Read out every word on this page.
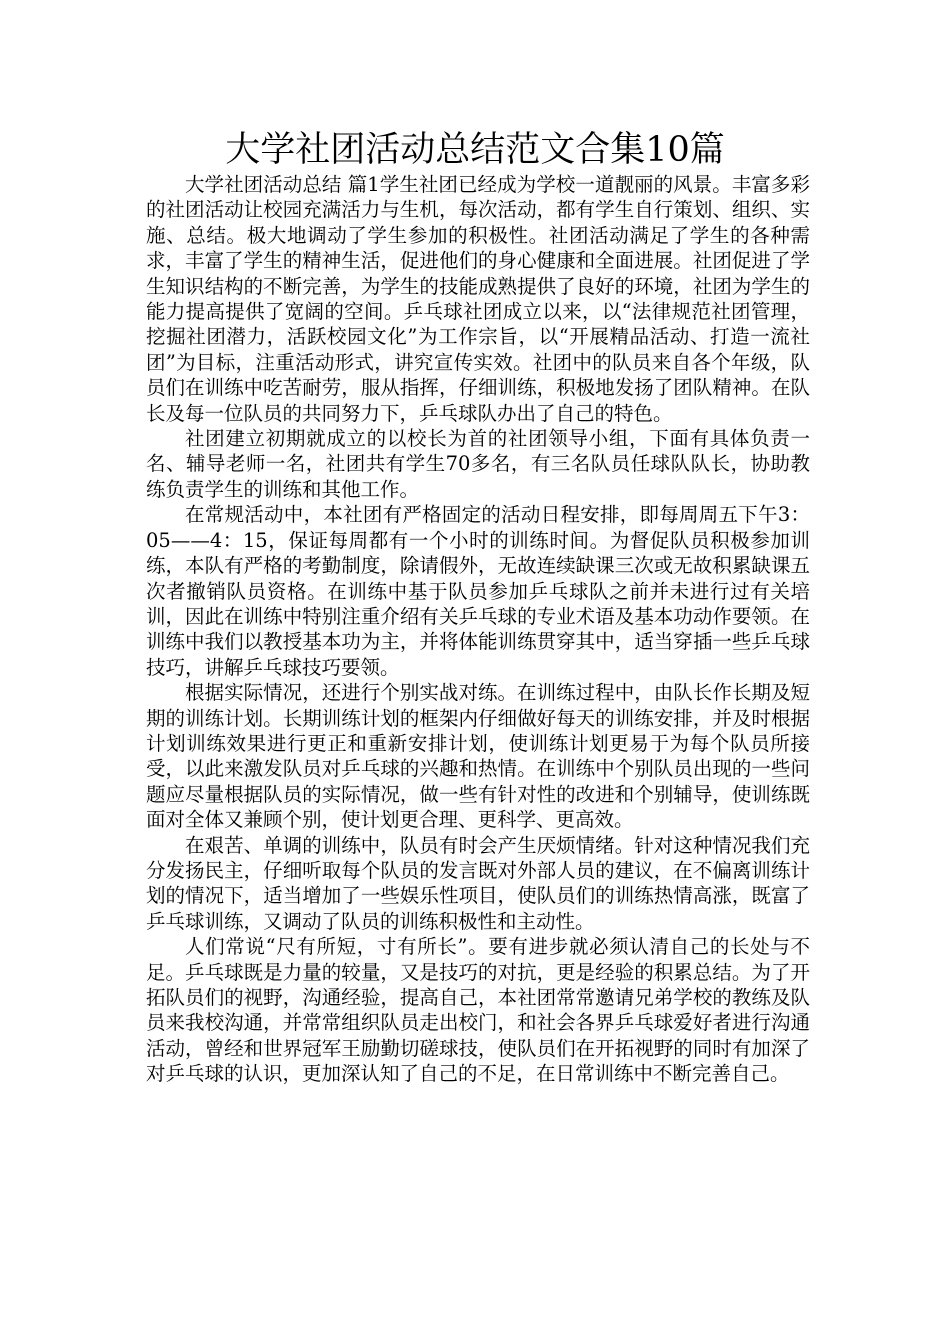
大学社团活动总结范文合集10篇

大学社团活动总结 篇1学生社团已经成为学校一道靓丽的风景。丰富多彩的社团活动让校园充满活力与生机，每次活动，都有学生自行策划、组织、实施、总结。极大地调动了学生参加的积极性。社团活动满足了学生的各种需求，丰富了学生的精神生活，促进他们的身心健康和全面进展。社团促进了学生知识结构的不断完善，为学生的技能成熟提供了良好的环境，社团为学生的能力提高提供了宽阔的空间。乒乓球社团成立以来，以“法律规范社团管理，挖掘社团潜力，活跃校园文化”为工作宗旨，以“开展精品活动、打造一流社团”为目标，注重活动形式，讲究宣传实效。社团中的队员来自各个年级，队员们在训练中吃苦耐劳，服从指挥，仔细训练，积极地发扬了团队精神。在队长及每一位队员的共同努力下，乒乓球队办出了自己的特色。

社团建立初期就成立的以校长为首的社团领导小组，下面有具体负责一名、辅导老师一名，社团共有学生70多名，有三名队员任球队队长，协助教练负责学生的训练和其他工作。

在常规活动中，本社团有严格固定的活动日程安排，即每周周五下午3：05——4：15，保证每周都有一个小时的训练时间。为督促队员积极参加训练，本队有严格的考勤制度，除请假外，无故连续缺课三次或无故积累缺课五次者撤销队员资格。在训练中基于队员参加乒乓球队之前并未进行过有关培训，因此在训练中特别注重介绍有关乒乓球的专业术语及基本功动作要领。在训练中我们以教授基本功为主，并将体能训练贯穿其中，适当穿插一些乒乓球技巧，讲解乒乓球技巧要领。

根据实际情况，还进行个别实战对练。在训练过程中，由队长作长期及短期的训练计划。长期训练计划的框架内仔细做好每天的训练安排，并及时根据计划训练效果进行更正和重新安排计划，使训练计划更易于为每个队员所接受，以此来激发队员对乒乓球的兴趣和热情。在训练中个别队员出现的一些问题应尽量根据队员的实际情况，做一些有针对性的改进和个别辅导，使训练既面对全体又兼顾个别，使计划更合理、更科学、更高效。

在艰苦、单调的训练中，队员有时会产生厌烦情绪。针对这种情况我们充分发扬民主，仔细听取每个队员的发言既对外部人员的建议，在不偏离训练计划的情况下，适当增加了一些娱乐性项目，使队员们的训练热情高涨，既富了乒乓球训练，又调动了队员的训练积极性和主动性。

人们常说“尺有所短，寸有所长”。要有进步就必须认清自己的长处与不足。乒乓球既是力量的较量，又是技巧的对抗，更是经验的积累总结。为了开拓队员们的视野，沟通经验，提高自己，本社团常常邀请兄弟学校的教练及队员来我校沟通，并常常组织队员走出校门，和社会各界乒乓球爱好者进行沟通活动，曾经和世界冠军王励勤切磋球技，使队员们在开拓视野的同时有加深了对乒乓球的认识，更加深认知了自己的不足，在日常训练中不断完善自己。
